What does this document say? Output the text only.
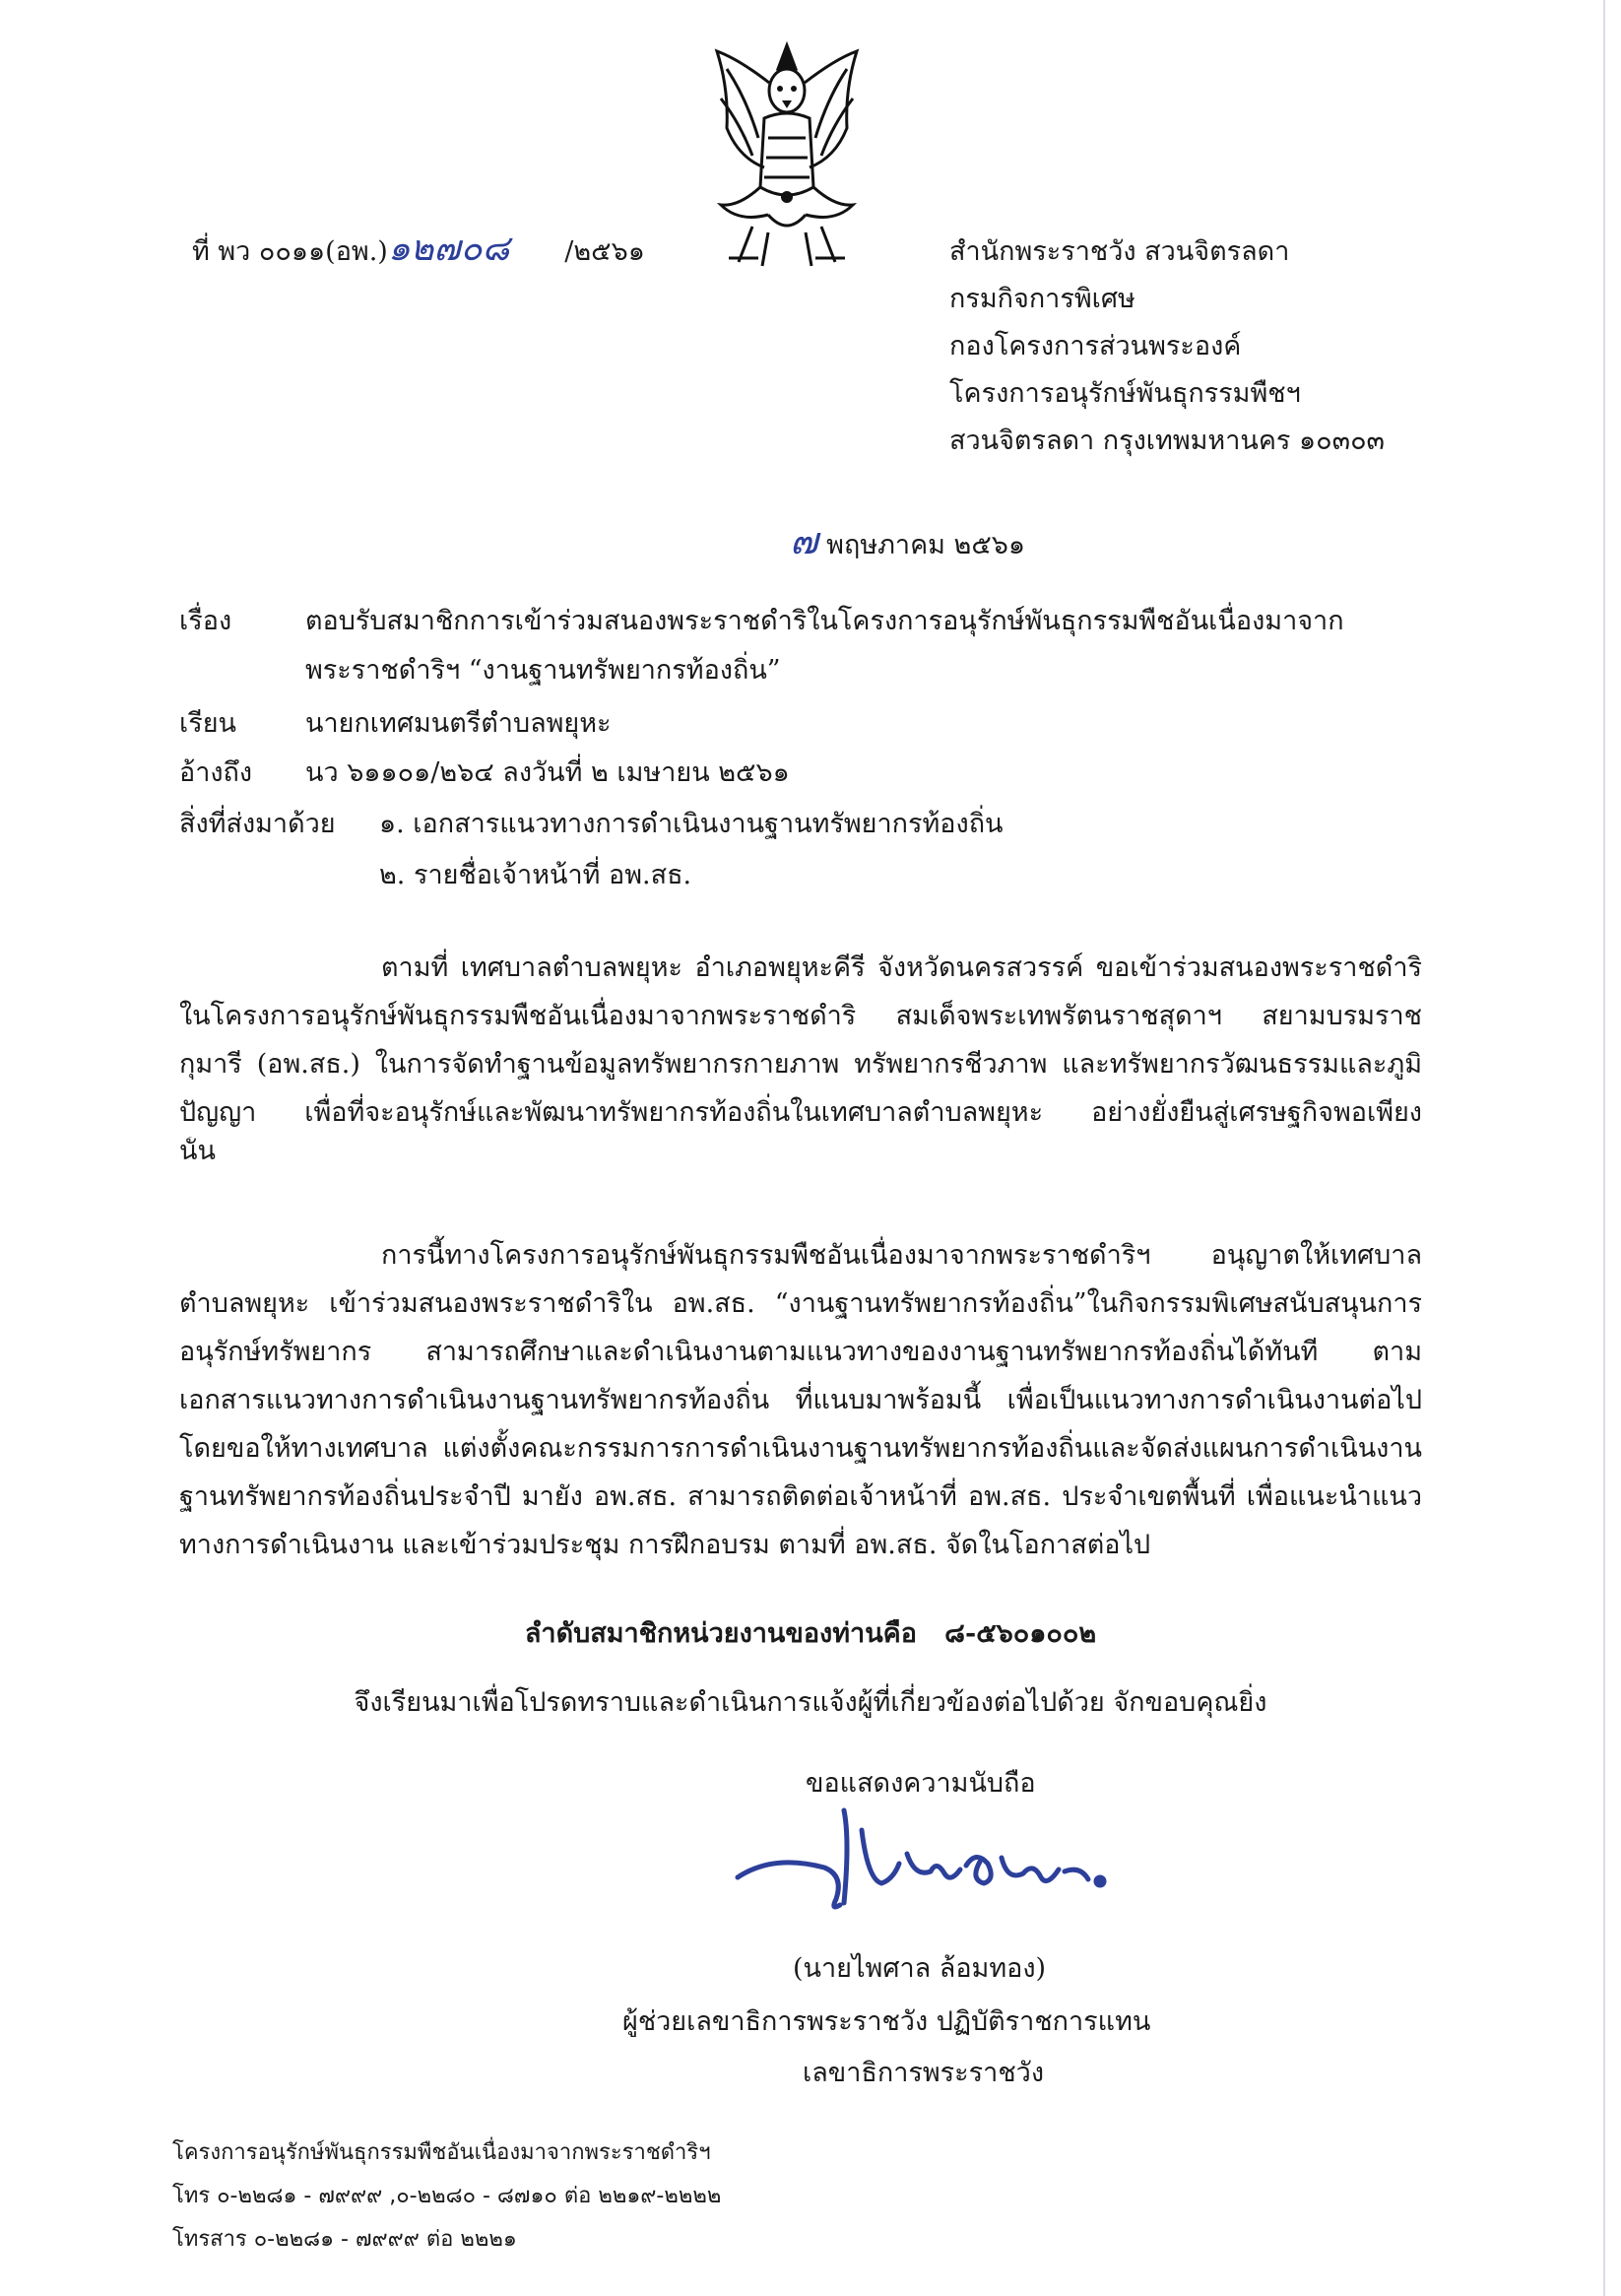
ที่ พว ๐๐๑๑(อพ.)๑๒๗๐๘ /๒๕๖๑	สำนักพระราชวัง สวนจิตรลดา
กรมกิจการพิเศษ
กองโครงการส่วนพระองค์
โครงการอนุรักษ์พันธุกรรมพืชฯ
สวนจิตรลดา กรุงเทพมหานคร ๑๐๓๐๓
๗ พฤษภาคม ๒๕๖๑
เรื่อง	ตอบรับสมาชิกการเข้าร่วมสนองพระราชดำริในโครงการอนุรักษ์พันธุกรรมพืชอันเนื่องมาจาก
พระราชดำริฯ “งานฐานทรัพยากรท้องถิ่น”
เรียน	นายกเทศมนตรีตำบลพยุหะ
อ้างถึง นว ๖๑๑๐๑/๒๖๔ ลงวันที่ ๒ เมษายน ๒๕๖๑
สิ่งที่ส่งมาด้วย ๑. เอกสารแนวทางการดำเนินงานฐานทรัพยากรท้องถิ่น
๒. รายชื่อเจ้าหน้าที่ อพ.สธ.
ตามที่ เทศบาลตำบลพยุหะ อำเภอพยุหะคีรี จังหวัดนครสวรรค์ ขอเข้าร่วมสนองพระราชดำริ
ในโครงการอนุรักษ์พันธุกรรมพืชอันเนื่องมาจากพระราชดำริ สมเด็จพระเทพรัตนราชสุดาฯ สยามบรมราช
กุมารี (อพ.สธ.) ในการจัดทำฐานข้อมูลทรัพยากรกายภาพ ทรัพยากรชีวภาพ และทรัพยากรวัฒนธรรมและภูมิ
ปัญญา เพื่อที่จะอนุรักษ์และพัฒนาทรัพยากรท้องถิ่นในเทศบาลตำบลพยุหะ อย่างยั่งยืนสู่เศรษฐกิจพอเพียง
นั้น
การนี้ทางโครงการอนุรักษ์พันธุกรรมพืชอันเนื่องมาจากพระราชดำริฯ อนุญาตให้เทศบาล
ตำบลพยุหะ เข้าร่วมสนองพระราชดำริใน อพ.สธ. “งานฐานทรัพยากรท้องถิ่น”ในกิจกรรมพิเศษสนับสนุนการ
อนุรักษ์ทรัพยากร สามารถศึกษาและดำเนินงานตามแนวทางของงานฐานทรัพยากรท้องถิ่นได้ทันที ตาม
เอกสารแนวทางการดำเนินงานฐานทรัพยากรท้องถิ่น ที่แนบมาพร้อมนี้ เพื่อเป็นแนวทางการดำเนินงานต่อไป
โดยขอให้ทางเทศบาล แต่งตั้งคณะกรรมการการดำเนินงานฐานทรัพยากรท้องถิ่นและจัดส่งแผนการดำเนินงาน
ฐานทรัพยากรท้องถิ่นประจำปี มายัง อพ.สธ. สามารถติดต่อเจ้าหน้าที่ อพ.สธ. ประจำเขตพื้นที่ เพื่อแนะนำแนว
ทางการดำเนินงาน และเข้าร่วมประชุม การฝึกอบรม ตามที่ อพ.สธ. จัดในโอกาสต่อไป
ลำดับสมาชิกหน่วยงานของท่านคือ ๘-๕๖๐๑๐๐๒
จึงเรียนมาเพื่อโปรดทราบและดำเนินการแจ้งผู้ที่เกี่ยวข้องต่อไปด้วย จักขอบคุณยิ่ง
ขอแสดงความนับถือ
(นายไพศาล ล้อมทอง)
ผู้ช่วยเลขาธิการพระราชวัง ปฏิบัติราชการแทน
เลขาธิการพระราชวัง
โครงการอนุรักษ์พันธุกรรมพืชอันเนื่องมาจากพระราชดำริฯ
โทร ๐-๒๒๘๑ - ๗๙๙๙ ,๐-๒๒๘๐ - ๘๗๑๐ ต่อ ๒๒๑๙-๒๒๒๒
โทรสาร ๐-๒๒๘๑ - ๗๙๙๙ ต่อ ๒๒๒๑
